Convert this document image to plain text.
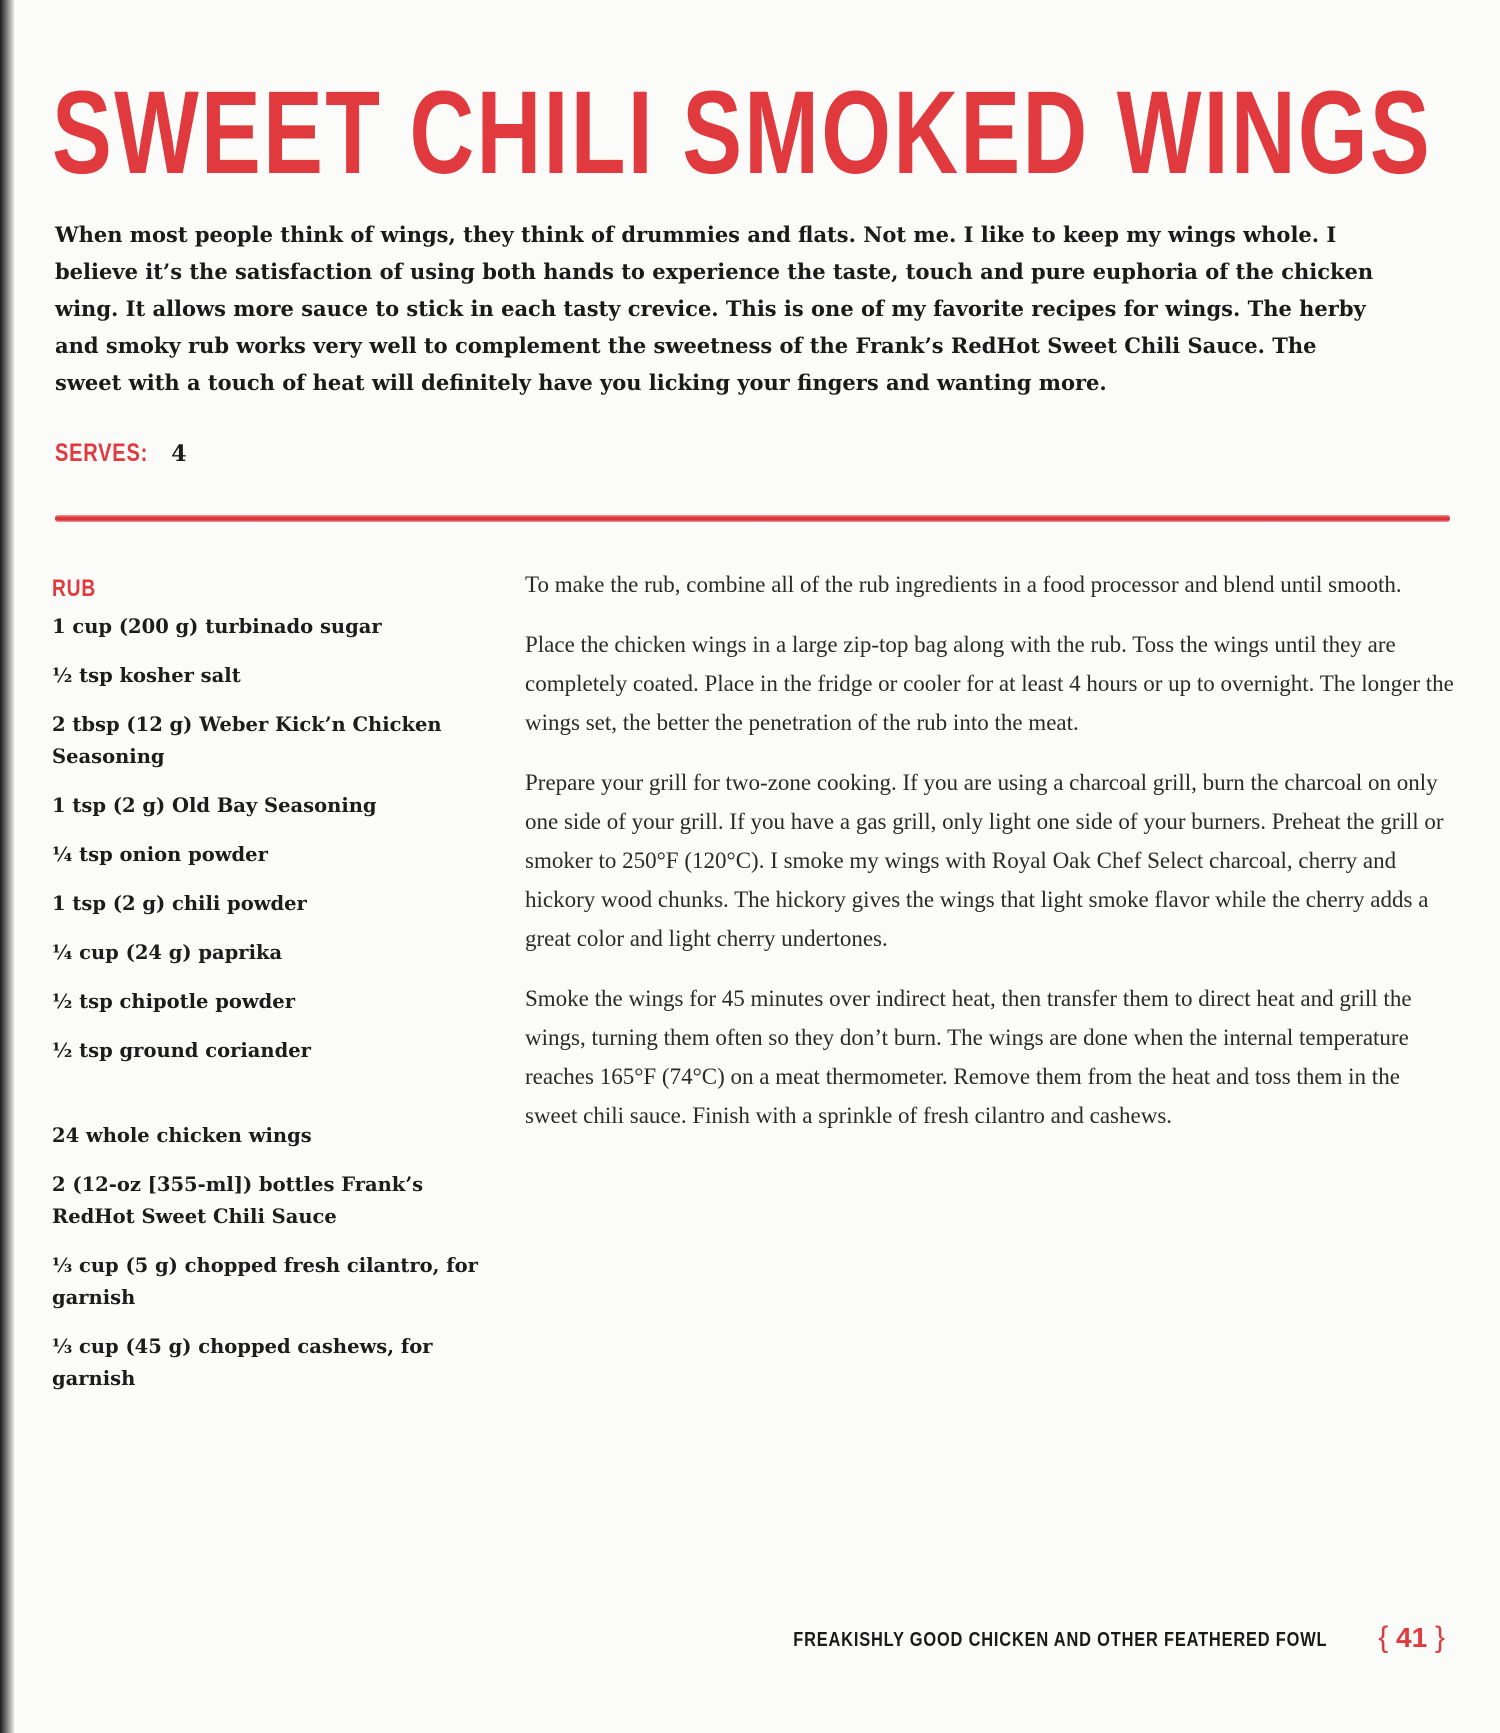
SWEET CHILI SMOKED WINGS

When most people think of wings, they think of drummies and flats. Not me. I like to keep my wings whole. I believe it’s the satisfaction of using both hands to experience the taste, touch and pure euphoria of the chicken wing. It allows more sauce to stick in each tasty crevice. This is one of my favorite recipes for wings. The herby and smoky rub works very well to complement the sweetness of the Frank’s RedHot Sweet Chili Sauce. The sweet with a touch of heat will definitely have you licking your fingers and wanting more.

SERVES: 4
RUB
1 cup (200 g) turbinado sugar
½ tsp kosher salt
2 tbsp (12 g) Weber Kick’n Chicken Seasoning
1 tsp (2 g) Old Bay Seasoning
¼ tsp onion powder
1 tsp (2 g) chili powder
¼ cup (24 g) paprika
½ tsp chipotle powder
½ tsp ground coriander
24 whole chicken wings
2 (12-oz [355-ml]) bottles Frank’s RedHot Sweet Chili Sauce
⅓ cup (5 g) chopped fresh cilantro, for garnish
⅓ cup (45 g) chopped cashews, for garnish

To make the rub, combine all of the rub ingredients in a food processor and blend until smooth.

Place the chicken wings in a large zip-top bag along with the rub. Toss the wings until they are completely coated. Place in the fridge or cooler for at least 4 hours or up to overnight. The longer the wings set, the better the penetration of the rub into the meat.

Prepare your grill for two-zone cooking. If you are using a charcoal grill, burn the charcoal on only one side of your grill. If you have a gas grill, only light one side of your burners. Preheat the grill or smoker to 250°F (120°C). I smoke my wings with Royal Oak Chef Select charcoal, cherry and hickory wood chunks. The hickory gives the wings that light smoke flavor while the cherry adds a great color and light cherry undertones.

Smoke the wings for 45 minutes over indirect heat, then transfer them to direct heat and grill the wings, turning them often so they don’t burn. The wings are done when the internal temperature reaches 165°F (74°C) on a meat thermometer. Remove them from the heat and toss them in the sweet chili sauce. Finish with a sprinkle of fresh cilantro and cashews.

FREAKISHLY GOOD CHICKEN AND OTHER FEATHERED FOWL { 41 }
